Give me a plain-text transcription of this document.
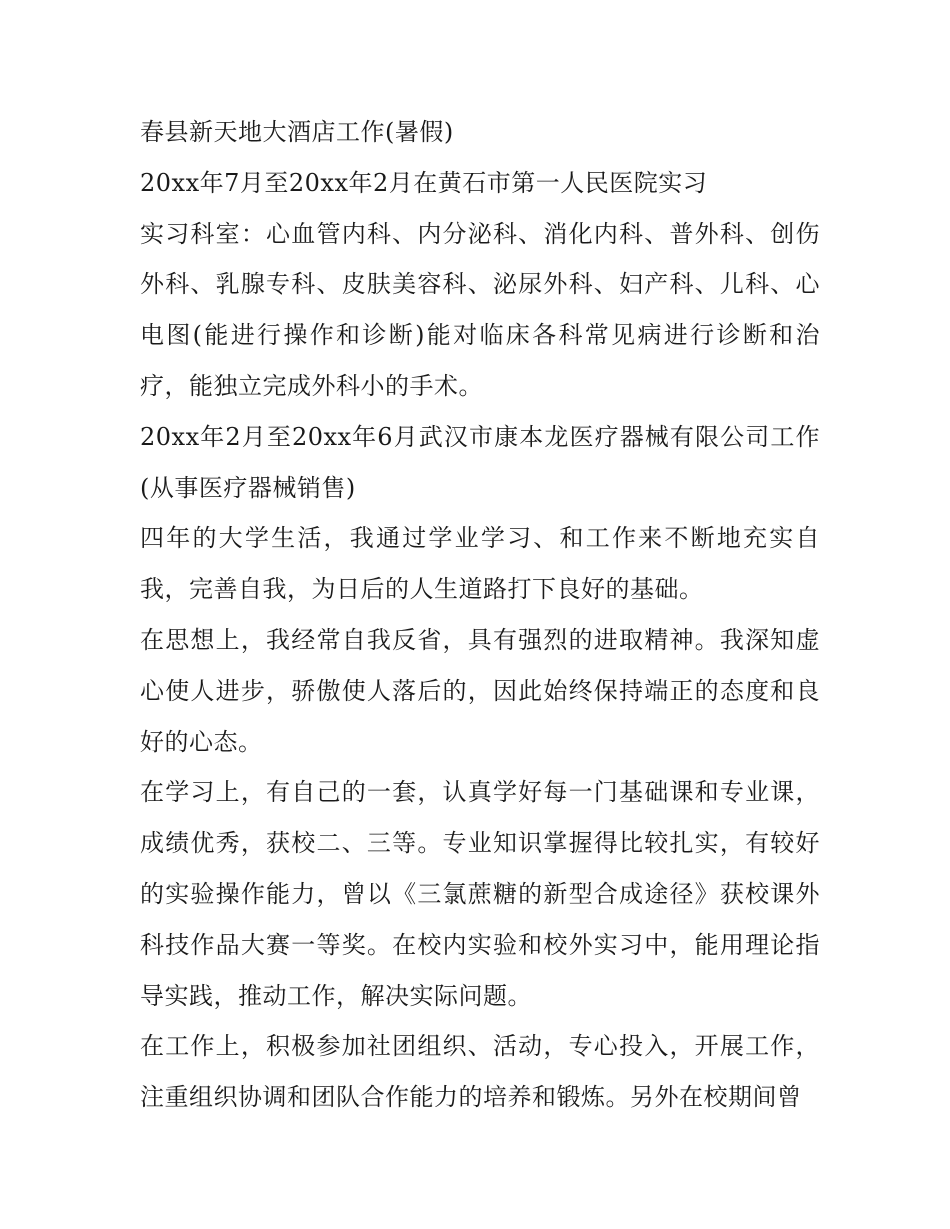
春县新天地大酒店工作(暑假)

20xx年7月至20xx年2月在黄石市第一人民医院实习

实习科室：心血管内科、内分泌科、消化内科、普外科、创伤外科、乳腺专科、皮肤美容科、泌尿外科、妇产科、儿科、心电图(能进行操作和诊断)能对临床各科常见病进行诊断和治疗，能独立完成外科小的手术。

20xx年2月至20xx年6月武汉市康本龙医疗器械有限公司工作(从事医疗器械销售)

四年的大学生活，我通过学业学习、和工作来不断地充实自我，完善自我，为日后的人生道路打下良好的基础。

在思想上，我经常自我反省，具有强烈的进取精神。我深知虚心使人进步，骄傲使人落后的，因此始终保持端正的态度和良好的心态。

在学习上，有自己的一套，认真学好每一门基础课和专业课，成绩优秀，获校二、三等。专业知识掌握得比较扎实，有较好的实验操作能力，曾以《三氯蔗糖的新型合成途径》获校课外科技作品大赛一等奖。在校内实验和校外实习中，能用理论指导实践，推动工作，解决实际问题。

在工作上，积极参加社团组织、活动，专心投入，开展工作，注重组织协调和团队合作能力的培养和锻炼。另外在校期间曾
